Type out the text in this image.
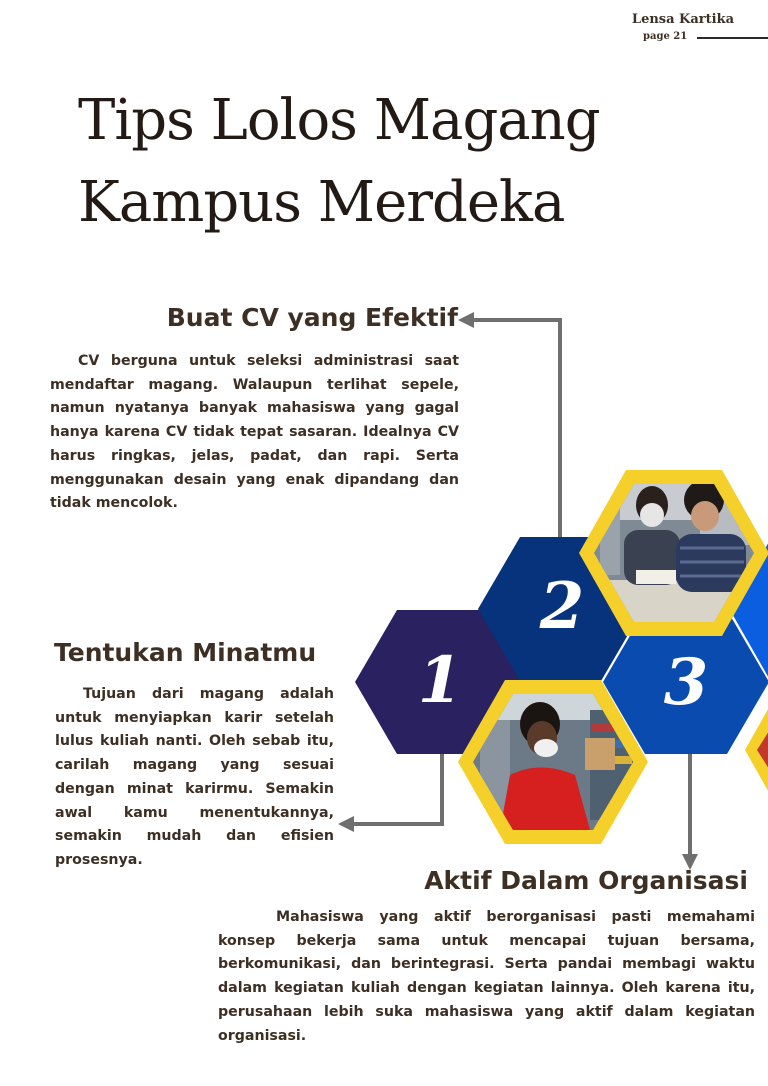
Lensa Kartika
page 21
Tips Lolos Magang
Kampus Merdeka
1
2
3
Buat CV yang Efektif

CV berguna untuk seleksi administrasi saat mendaftar magang. Walaupun terlihat sepele, namun nyatanya banyak mahasiswa yang gagal hanya karena CV tidak tepat sasaran. Idealnya CV harus ringkas, jelas, padat, dan rapi. Serta menggunakan desain yang enak dipandang dan tidak mencolok.

Tentukan Minatmu

Tujuan dari magang adalah untuk menyiapkan karir setelah lulus kuliah nanti. Oleh sebab itu, carilah magang yang sesuai dengan minat karirmu. Semakin awal kamu menentukannya, semakin mudah dan efisien prosesnya.

Aktif Dalam Organisasi

Mahasiswa yang aktif berorganisasi pasti memahami konsep bekerja sama untuk mencapai tujuan bersama, berkomunikasi, dan berintegrasi. Serta pandai membagi waktu dalam kegiatan kuliah dengan kegiatan lainnya. Oleh karena itu, perusahaan lebih suka mahasiswa yang aktif dalam kegiatan organisasi.
